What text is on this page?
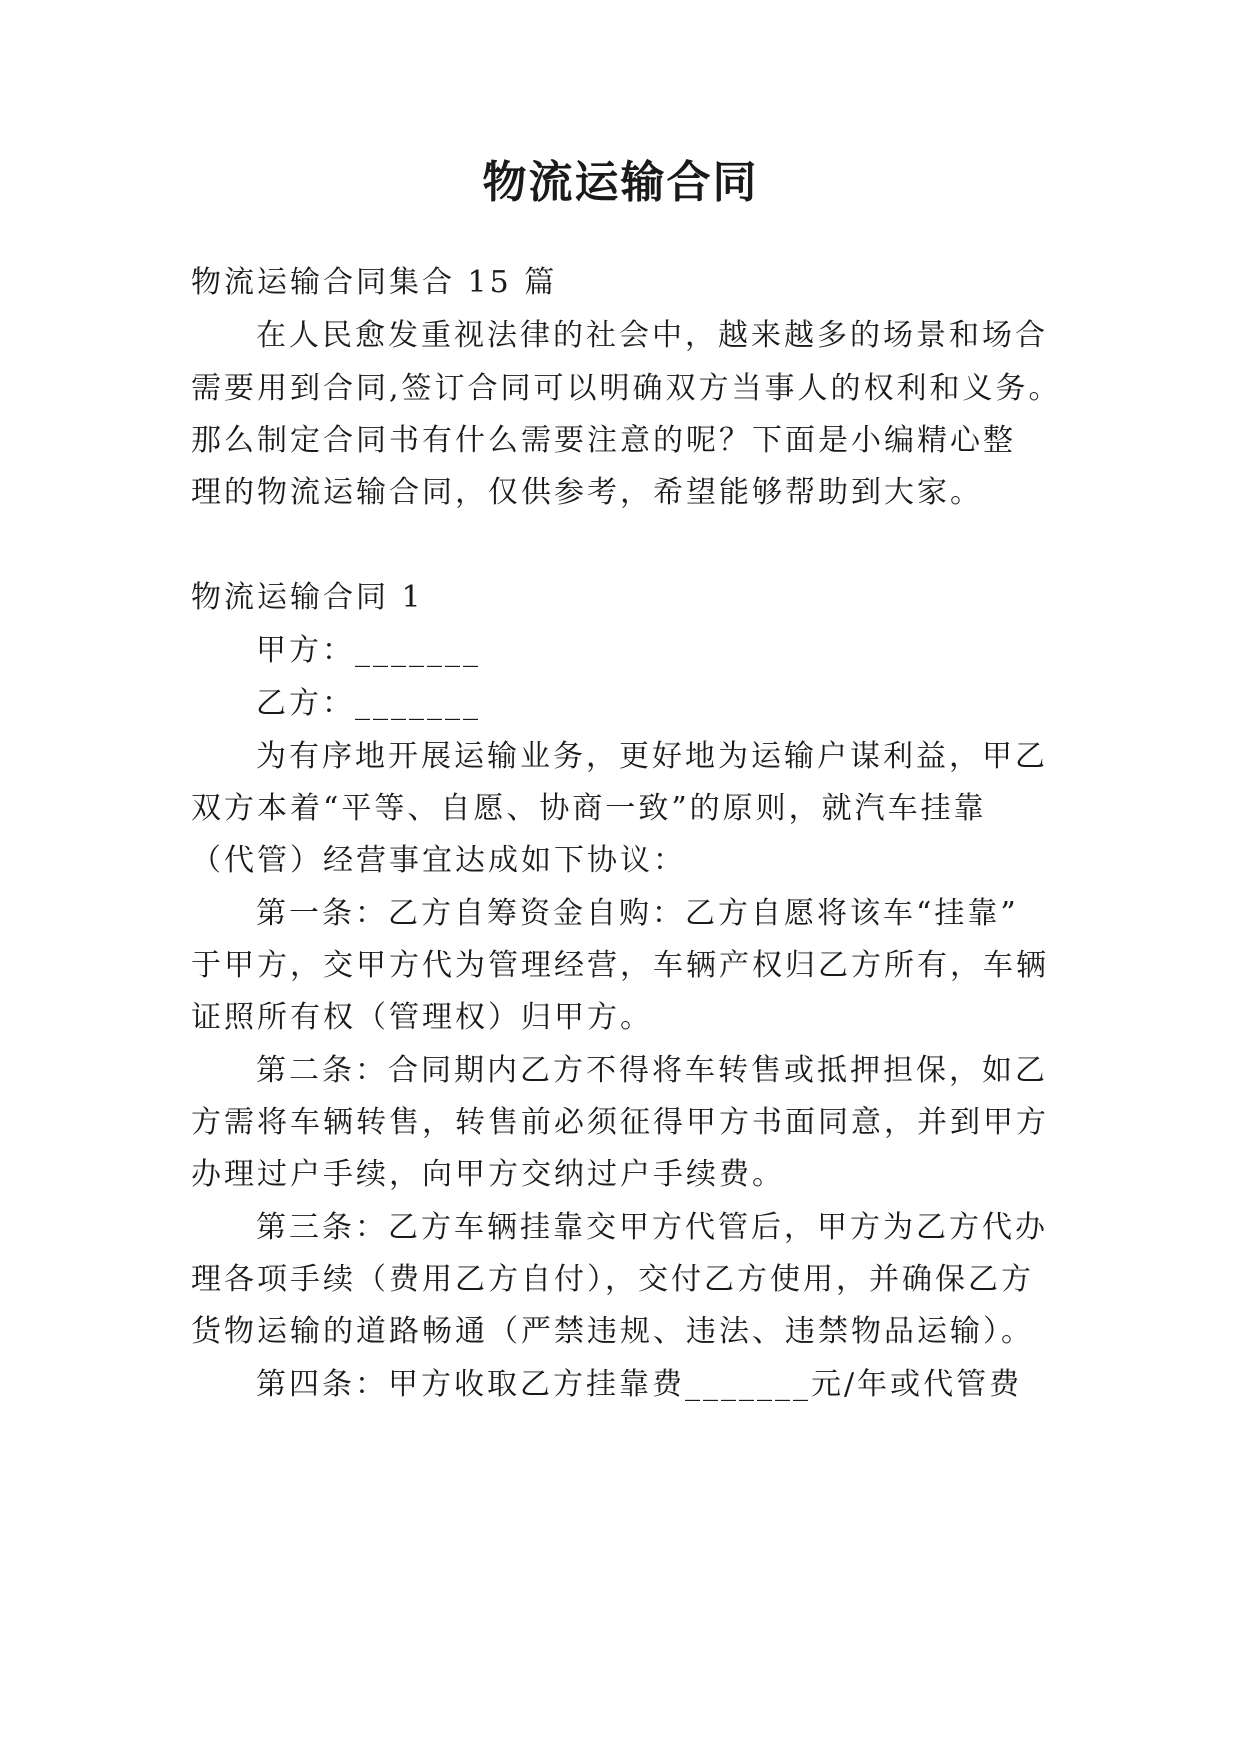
物流运输合同
物流运输合同集合 15 篇
在人民愈发重视法律的社会中，越来越多的场景和场合
需要用到合同,签订合同可以明确双方当事人的权利和义务。
那么制定合同书有什么需要注意的呢？下面是小编精心整
理的物流运输合同，仅供参考，希望能够帮助到大家。
物流运输合同 1
甲方：_______
乙方：_______
为有序地开展运输业务，更好地为运输户谋利益，甲乙
双方本着“平等、自愿、协商一致”的原则，就汽车挂靠
（代管）经营事宜达成如下协议：
第一条：乙方自筹资金自购：乙方自愿将该车“挂靠”
于甲方，交甲方代为管理经营，车辆产权归乙方所有，车辆
证照所有权（管理权）归甲方。
第二条：合同期内乙方不得将车转售或抵押担保，如乙
方需将车辆转售，转售前必须征得甲方书面同意，并到甲方
办理过户手续，向甲方交纳过户手续费。
第三条：乙方车辆挂靠交甲方代管后，甲方为乙方代办
理各项手续（费用乙方自付），交付乙方使用，并确保乙方
货物运输的道路畅通（严禁违规、违法、违禁物品运输）。
第四条：甲方收取乙方挂靠费_______元/年或代管费
